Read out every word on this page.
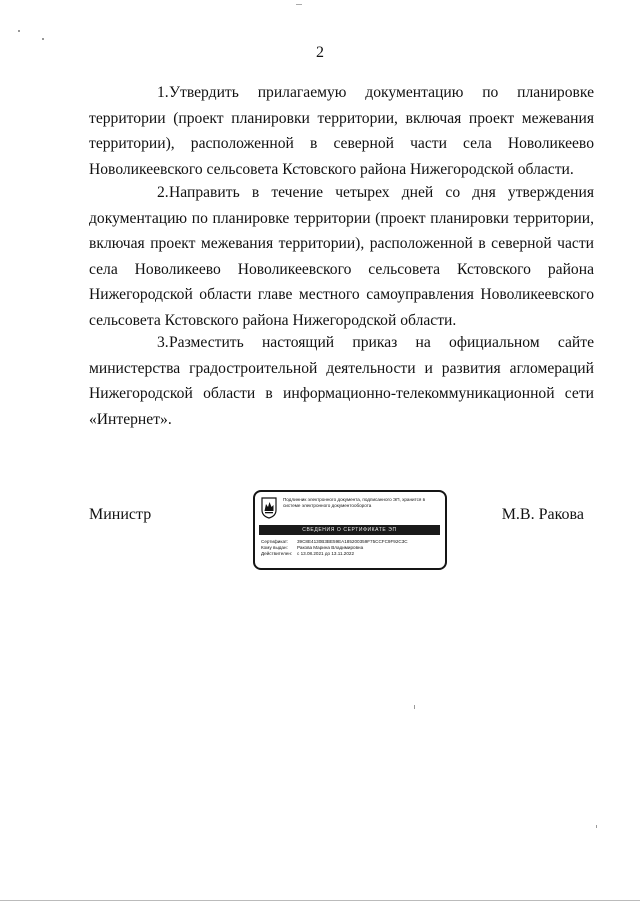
2

1.Утвердить прилагаемую документацию по планировке территории (проект планировки территории, включая проект межевания территории), расположенной в северной части села Новоликеево Новоликеевского сельсовета Кстовского района Нижегородской области.

2.Направить в течение четырех дней со дня утверждения документацию по планировке территории (проект планировки территории, включая проект межевания территории), расположенной в северной части села Новоликеево Новоликеевского сельсовета Кстовского района Нижегородской области главе местного самоуправления Новоликеевского сельсовета Кстовского района Нижегородской области.

3.Разместить настоящий приказ на официальном сайте министерства градостроительной деятельности и развития агломераций Нижегородской области в информационно-телекоммуникационной сети «Интернет».

Министр
Подлинник электронного документа, подписанного ЭП, хранится в системе электронного документооборота
СВЕДЕНИЯ О СЕРТИФИКАТЕ ЭП
Сертификат: 39C8E4130B3BE59EA185200359F75CCFC9F92C3C
Кому выдан: Ракова Марина Владимировна
Действителен: с 13.08.2021 до 13.11.2022
М.В. Ракова
